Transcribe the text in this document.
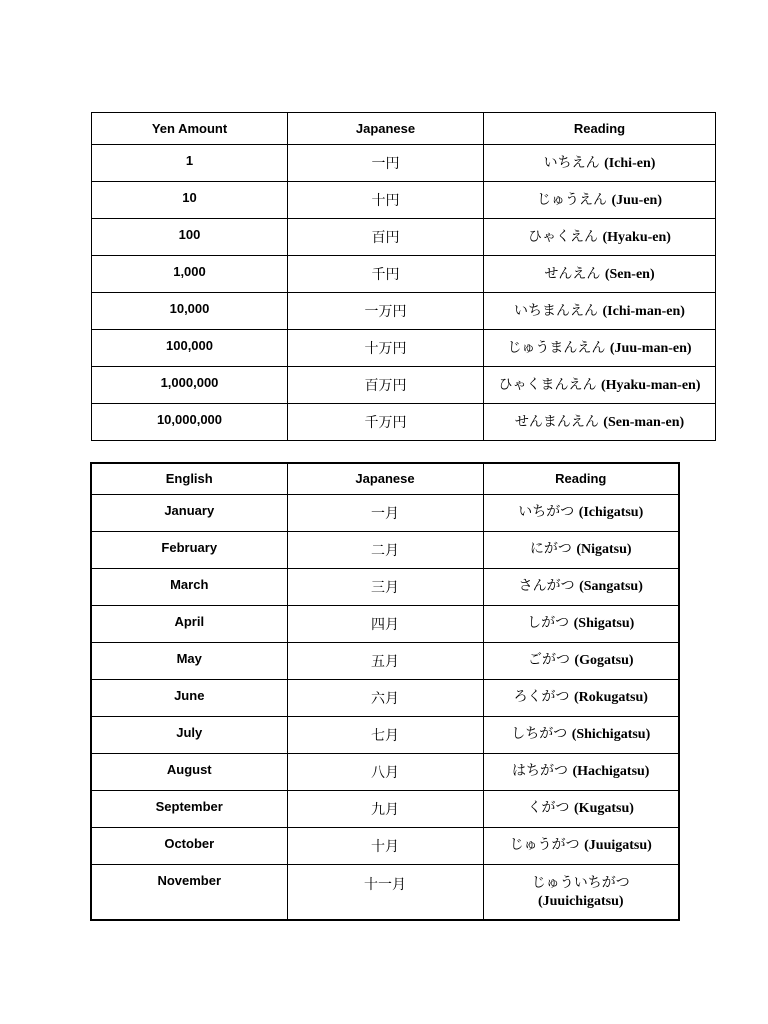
Yen Amount	Japanese	Reading
1	一円	いちえん (Ichi-en)
10	十円	じゅうえん (Juu-en)
100	百円	ひゃくえん (Hyaku-en)
1,000	千円	せんえん (Sen-en)
10,000	一万円	いちまんえん (Ichi-man-en)
100,000	十万円	じゅうまんえん (Juu-man-en)
1,000,000	百万円	ひゃくまんえん (Hyaku-man-en)
10,000,000	千万円	せんまんえん (Sen-man-en)
English	Japanese	Reading
January	一月	いちがつ (Ichigatsu)
February	二月	にがつ (Nigatsu)
March	三月	さんがつ (Sangatsu)
April	四月	しがつ (Shigatsu)
May	五月	ごがつ (Gogatsu)
June	六月	ろくがつ (Rokugatsu)
July	七月	しちがつ (Shichigatsu)
August	八月	はちがつ (Hachigatsu)
September	九月	くがつ (Kugatsu)
October	十月	じゅうがつ (Juuigatsu)
November	十一月	じゅういちがつ
(Juuichigatsu)
